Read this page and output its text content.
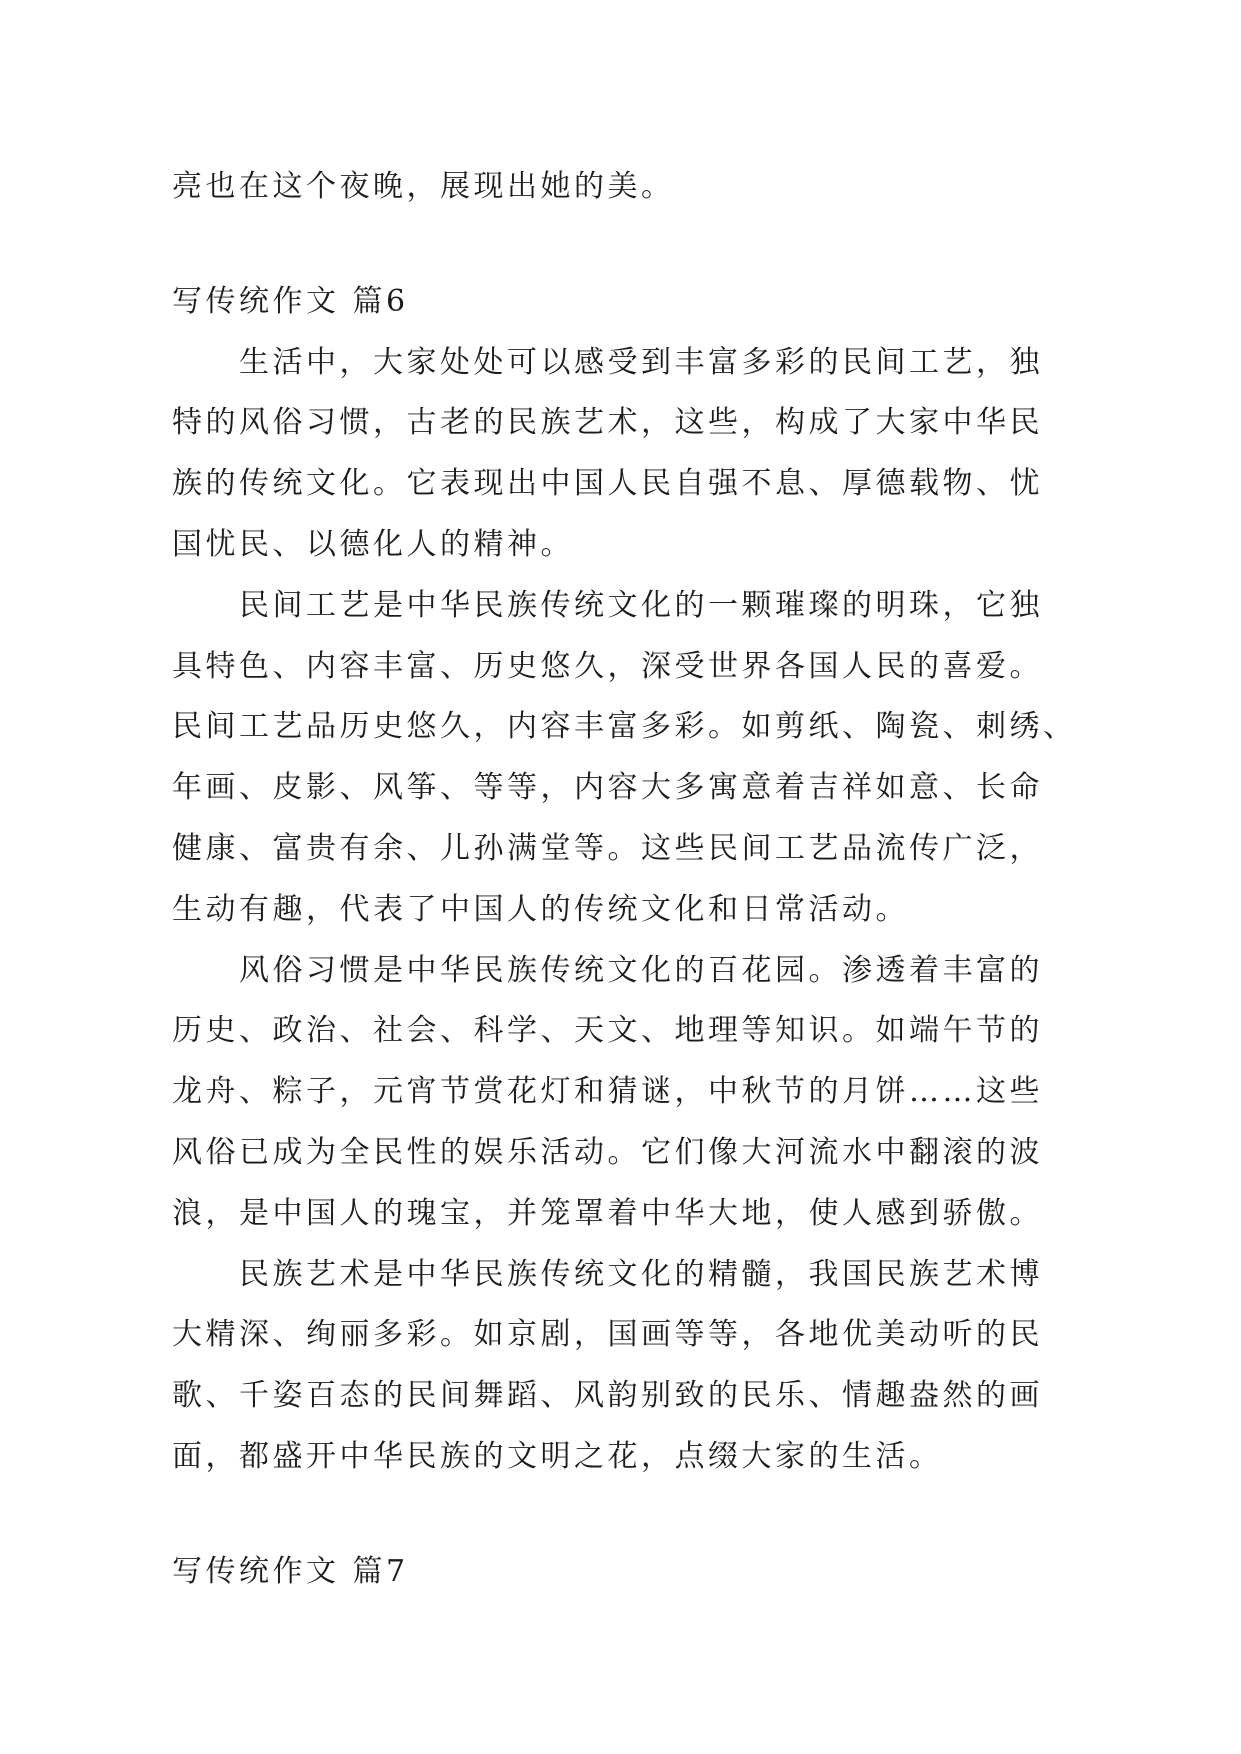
亮也在这个夜晚，展现出她的美。
写传统作文 篇6
生活中，大家处处可以感受到丰富多彩的民间工艺，独
特的风俗习惯，古老的民族艺术，这些，构成了大家中华民
族的传统文化。它表现出中国人民自强不息、厚德载物、忧
国忧民、以德化人的精神。
民间工艺是中华民族传统文化的一颗璀璨的明珠，它独
具特色、内容丰富、历史悠久，深受世界各国人民的喜爱。
民间工艺品历史悠久，内容丰富多彩。如剪纸、陶瓷、刺绣、
年画、皮影、风筝、等等，内容大多寓意着吉祥如意、长命
健康、富贵有余、儿孙满堂等。这些民间工艺品流传广泛，
生动有趣，代表了中国人的传统文化和日常活动。
风俗习惯是中华民族传统文化的百花园。渗透着丰富的
历史、政治、社会、科学、天文、地理等知识。如端午节的
龙舟、粽子，元宵节赏花灯和猜谜，中秋节的月饼……这些
风俗已成为全民性的娱乐活动。它们像大河流水中翻滚的波
浪，是中国人的瑰宝，并笼罩着中华大地，使人感到骄傲。
民族艺术是中华民族传统文化的精髓，我国民族艺术博
大精深、绚丽多彩。如京剧，国画等等，各地优美动听的民
歌、千姿百态的民间舞蹈、风韵别致的民乐、情趣盎然的画
面，都盛开中华民族的文明之花，点缀大家的生活。
写传统作文 篇7
